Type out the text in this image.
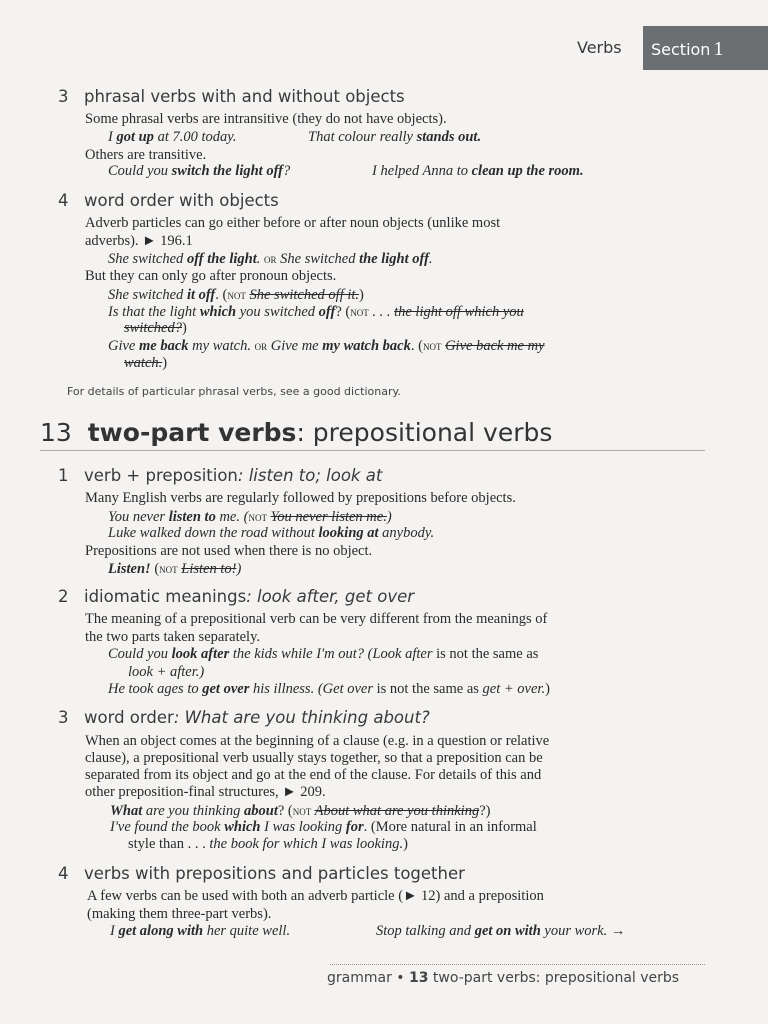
Verbs	Section 1
3 phrasal verbs with and without objects
Some phrasal verbs are intransitive (they do not have objects).
I got up at 7.00 today.	That colour really stands out.
Others are transitive.
Could you switch the light off?	I helped Anna to clean up the room.
4 word order with objects
Adverb particles can go either before or after noun objects (unlike most
adverbs). ► 196.1
She switched off the light. or She switched the light off.
But they can only go after pronoun objects.
She switched it off. (not She switched off it.)
Is that the light which you switched off? (not . . . the light off which you
switched?)
Give me back my watch. or Give me my watch back. (not Give back me my
watch.)
For details of particular phrasal verbs, see a good dictionary.
13 two-part verbs: prepositional verbs
1 verb + preposition: listen to; look at
Many English verbs are regularly followed by prepositions before objects.
You never listen to me. (not You never listen me.)
Luke walked down the road without looking at anybody.
Prepositions are not used when there is no object.
Listen! (not Listen to!)
2 idiomatic meanings: look after, get over
The meaning of a prepositional verb can be very different from the meanings of
the two parts taken separately.
Could you look after the kids while I'm out? (Look after is not the same as
look + after.)
He took ages to get over his illness. (Get over is not the same as get + over.)
3 word order: What are you thinking about?
When an object comes at the beginning of a clause (e.g. in a question or relative
clause), a prepositional verb usually stays together, so that a preposition can be
separated from its object and go at the end of the clause. For details of this and
other preposition-final structures, ► 209.
What are you thinking about? (not About what are you thinking?)
I've found the book which I was looking for. (More natural in an informal
style than . . . the book for which I was looking.)
4 verbs with prepositions and particles together
A few verbs can be used with both an adverb particle (► 12) and a preposition
(making them three-part verbs).
I get along with her quite well.	Stop talking and get on with your work. →
grammar • 13 two-part verbs: prepositional verbs
